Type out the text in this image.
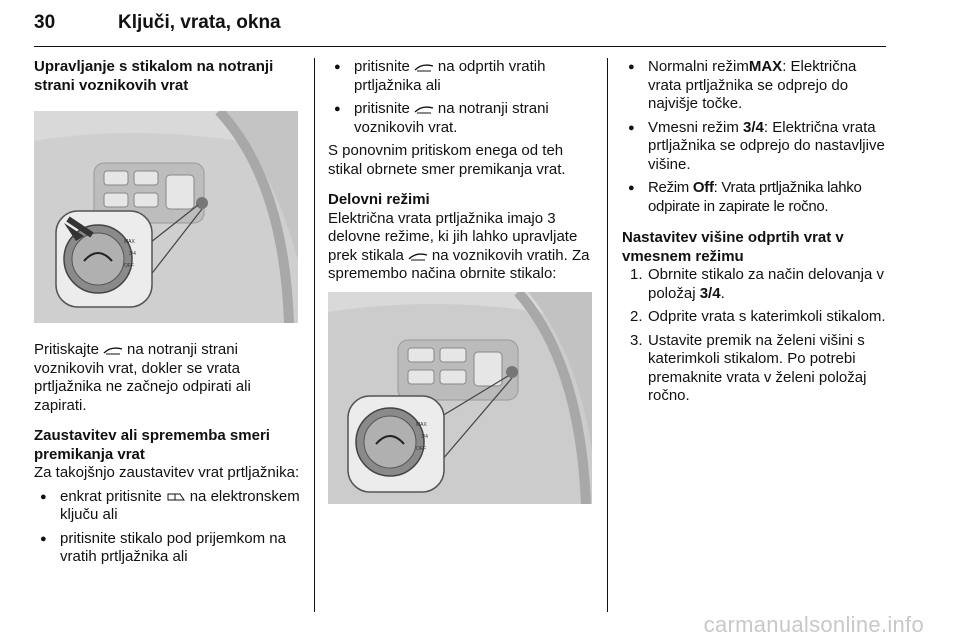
30	Ključi, vrata, okna
Upravljanje s stikalom na notranji strani voznikovih vrat
MAX
3/4
OFF

Pritiskajte na notranji strani voznikovih vrat, dokler se vrata prtljažnika ne začnejo odpirati ali zapirati.

Zaustavitev ali sprememba smeri premikanja vrat

Za takojšnjo zaustavitev vrat prtljažnika:

● enkrat pritisnite na elektronskem ključu ali
● pritisnite stikalo pod prijemkom na vratih prtljažnika ali
● pritisnite na odprtih vratih prtljažnika ali
● pritisnite na notranji strani voznikovih vrat.

S ponovnim pritiskom enega od teh stikal obrnete smer premikanja vrat.

Delovni režimi

Električna vrata prtljažnika imajo 3 delovne režime, ki jih lahko upravljate prek stikala na voznikovih vratih. Za spremembo načina obrnite stikalo:

MAX
3/4
OFF
● Normalni režimMAX: Električna vrata prtljažnika se odprejo do najvišje točke.
● Vmesni režim 3/4: Električna vrata prtljažnika se odprejo do nastavljive višine.
● Režim Off: Vrata prtljažnika lahko odpirate in zapirate le ročno.
Nastavitev višine odprtih vrat v vmesnem režimu
1. Obrnite stikalo za način delovanja v položaj 3/4.
2. Odprite vrata s katerimkoli stikalom.
3. Ustavite premik na želeni višini s katerimkoli stikalom. Po potrebi premaknite vrata v želeni položaj ročno.
carmanualsonline.info
